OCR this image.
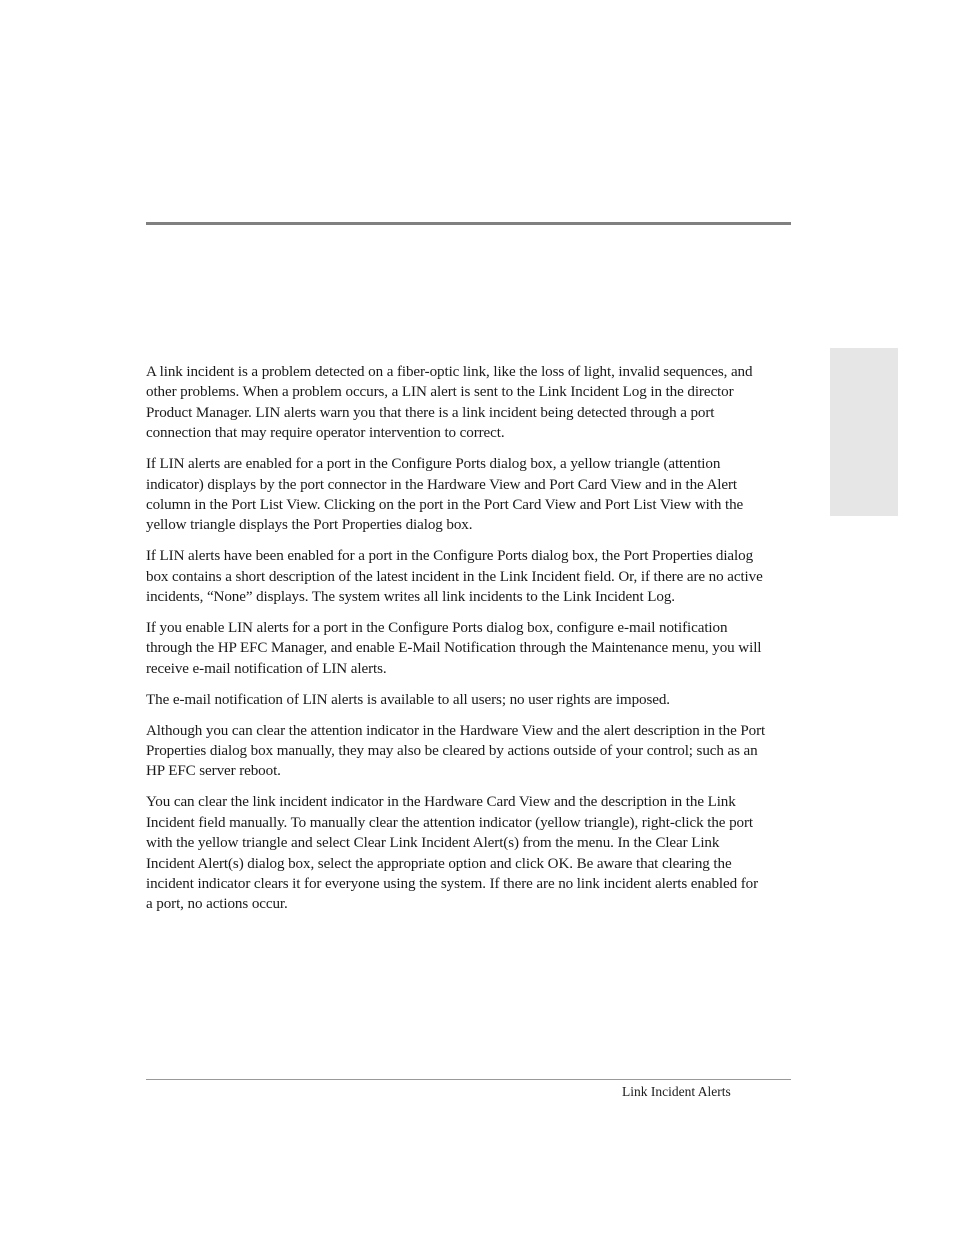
A link incident is a problem detected on a fiber-optic link, like the loss of light, invalid sequences, and other problems. When a problem occurs, a LIN alert is sent to the Link Incident Log in the director Product Manager. LIN alerts warn you that there is a link incident being detected through a port connection that may require operator intervention to correct.

If LIN alerts are enabled for a port in the Configure Ports dialog box, a yellow triangle (attention indicator) displays by the port connector in the Hardware View and Port Card View and in the Alert column in the Port List View. Clicking on the port in the Port Card View and Port List View with the yellow triangle displays the Port Properties dialog box.

If LIN alerts have been enabled for a port in the Configure Ports dialog box, the Port Properties dialog box contains a short description of the latest incident in the Link Incident field. Or, if there are no active incidents, “None” displays. The system writes all link incidents to the Link Incident Log.

If you enable LIN alerts for a port in the Configure Ports dialog box, configure e-mail notification through the HP EFC Manager, and enable E-Mail Notification through the Maintenance menu, you will receive e-mail notification of LIN alerts.

The e-mail notification of LIN alerts is available to all users; no user rights are imposed.

Although you can clear the attention indicator in the Hardware View and the alert description in the Port Properties dialog box manually, they may also be cleared by actions outside of your control; such as an HP EFC server reboot.

You can clear the link incident indicator in the Hardware Card View and the description in the Link Incident field manually. To manually clear the attention indicator (yellow triangle), right-click the port with the yellow triangle and select Clear Link Incident Alert(s) from the menu. In the Clear Link Incident Alert(s) dialog box, select the appropriate option and click OK. Be aware that clearing the incident indicator clears it for everyone using the system. If there are no link incident alerts enabled for a port, no actions occur.

Link Incident Alerts
